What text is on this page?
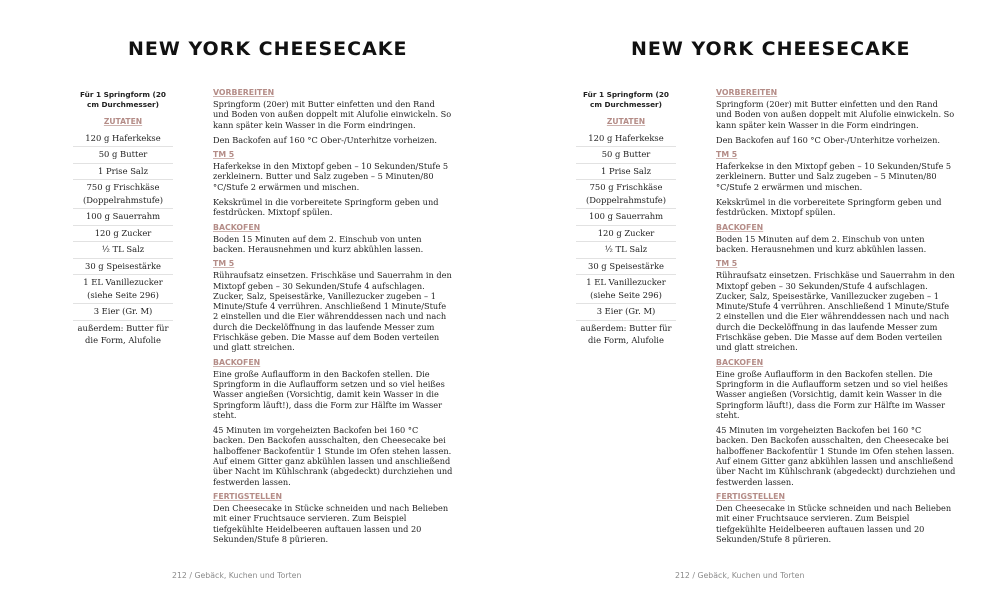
NEW YORK CHEESECAKE
Für 1 Springform (20 cm Durchmesser)
ZUTATEN
120 g Haferkekse
50 g Butter
1 Prise Salz
750 g Frischkäse (Doppelrahmstufe)
100 g Sauerrahm
120 g Zucker
½ TL Salz
30 g Speisestärke
1 EL Vanillezucker (siehe Seite 296)
3 Eier (Gr. M)
außerdem: Butter für die Form, Alufolie
VORBEREITEN

Springform (20er) mit Butter einfetten und den Rand und Boden von außen doppelt mit Alufolie einwickeln. So kann später kein Wasser in die Form eindringen.

Den Backofen auf 160 °C Ober-/Unterhitze vorheizen.

TM 5

Haferkekse in den Mixtopf geben – 10 Sekunden/Stufe 5 zerkleinern. Butter und Salz zugeben – 5 Minuten/80 °C/Stufe 2 erwärmen und mischen.

Kekskrümel in die vorbereitete Springform geben und festdrücken. Mixtopf spülen.

BACKOFEN

Boden 15 Minuten auf dem 2. Einschub von unten backen. Herausnehmen und kurz abkühlen lassen.

TM 5

Rühraufsatz einsetzen. Frischkäse und Sauerrahm in den Mixtopf geben – 30 Sekunden/Stufe 4 aufschlagen. Zucker, Salz, Speisestärke, Vanillezucker zugeben – 1 Minute/Stufe 4 verrühren. Anschließend 1 Minute/Stufe 2 einstellen und die Eier währenddessen nach und nach durch die Deckelöffnung in das laufende Messer zum Frischkäse geben. Die Masse auf dem Boden verteilen und glatt streichen.

BACKOFEN

Eine große Auflaufform in den Backofen stellen. Die Springform in die Auflaufform setzen und so viel heißes Wasser angießen (Vorsichtig, damit kein Wasser in die Springform läuft!), dass die Form zur Hälfte im Wasser steht.

45 Minuten im vorgeheizten Backofen bei 160 °C backen. Den Backofen ausschalten, den Cheesecake bei halboffener Backofentür 1 Stunde im Ofen stehen lassen. Auf einem Gitter ganz abkühlen lassen und anschließend über Nacht im Kühlschrank (abgedeckt) durchziehen und festwerden lassen.

FERTIGSTELLEN

Den Cheesecake in Stücke schneiden und nach Belieben mit einer Fruchtsauce servieren. Zum Beispiel tiefgekühlte Heidelbeeren auftauen lassen und 20 Sekunden/Stufe 8 pürieren.

212 / Gebäck, Kuchen und Torten
NEW YORK CHEESECAKE
Für 1 Springform (20 cm Durchmesser)
ZUTATEN
120 g Haferkekse
50 g Butter
1 Prise Salz
750 g Frischkäse (Doppelrahmstufe)
100 g Sauerrahm
120 g Zucker
½ TL Salz
30 g Speisestärke
1 EL Vanillezucker (siehe Seite 296)
3 Eier (Gr. M)
außerdem: Butter für die Form, Alufolie
VORBEREITEN

Springform (20er) mit Butter einfetten und den Rand und Boden von außen doppelt mit Alufolie einwickeln. So kann später kein Wasser in die Form eindringen.

Den Backofen auf 160 °C Ober-/Unterhitze vorheizen.

TM 5

Haferkekse in den Mixtopf geben – 10 Sekunden/Stufe 5 zerkleinern. Butter und Salz zugeben – 5 Minuten/80 °C/Stufe 2 erwärmen und mischen.

Kekskrümel in die vorbereitete Springform geben und festdrücken. Mixtopf spülen.

BACKOFEN

Boden 15 Minuten auf dem 2. Einschub von unten backen. Herausnehmen und kurz abkühlen lassen.

TM 5

Rühraufsatz einsetzen. Frischkäse und Sauerrahm in den Mixtopf geben – 30 Sekunden/Stufe 4 aufschlagen. Zucker, Salz, Speisestärke, Vanillezucker zugeben – 1 Minute/Stufe 4 verrühren. Anschließend 1 Minute/Stufe 2 einstellen und die Eier währenddessen nach und nach durch die Deckelöffnung in das laufende Messer zum Frischkäse geben. Die Masse auf dem Boden verteilen und glatt streichen.

BACKOFEN

Eine große Auflaufform in den Backofen stellen. Die Springform in die Auflaufform setzen und so viel heißes Wasser angießen (Vorsichtig, damit kein Wasser in die Springform läuft!), dass die Form zur Hälfte im Wasser steht.

45 Minuten im vorgeheizten Backofen bei 160 °C backen. Den Backofen ausschalten, den Cheesecake bei halboffener Backofentür 1 Stunde im Ofen stehen lassen. Auf einem Gitter ganz abkühlen lassen und anschließend über Nacht im Kühlschrank (abgedeckt) durchziehen und festwerden lassen.

FERTIGSTELLEN

Den Cheesecake in Stücke schneiden und nach Belieben mit einer Fruchtsauce servieren. Zum Beispiel tiefgekühlte Heidelbeeren auftauen lassen und 20 Sekunden/Stufe 8 pürieren.

212 / Gebäck, Kuchen und Torten
